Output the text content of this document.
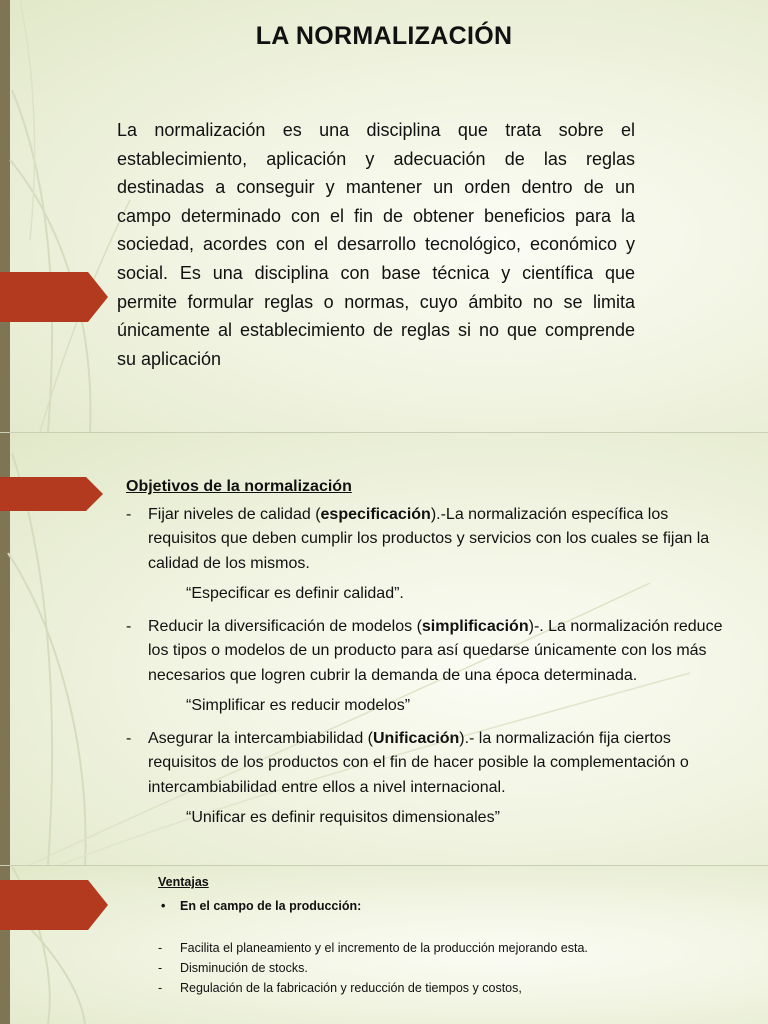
LA NORMALIZACIÓN

La normalización es una disciplina que trata sobre el establecimiento, aplicación y adecuación de las reglas destinadas a conseguir y mantener un orden dentro de un campo determinado con el fin de obtener beneficios para la sociedad, acordes con el desarrollo tecnológico, económico y social. Es una disciplina con base técnica y científica que permite formular reglas o normas, cuyo ámbito no se limita únicamente al establecimiento de reglas si no que comprende su aplicación

Objetivos de la normalización
- Fijar niveles de calidad (especificación).-La normalización específica los requisitos que deben cumplir los productos y servicios con los cuales se fijan la calidad de los mismos.
“Especificar es definir calidad”.
- Reducir la diversificación de modelos (simplificación)-. La normalización reduce los tipos o modelos de un producto para así quedarse únicamente con los más necesarios que logren cubrir la demanda de una época determinada.
“Simplificar es reducir modelos”
- Asegurar la intercambiabilidad (Unificación).- la normalización fija ciertos requisitos de los productos con el fin de hacer posible la complementación o intercambiabilidad entre ellos a nivel internacional.
“Unificar es definir requisitos dimensionales”
Ventajas
• En el campo de la producción:
- Facilita el planeamiento y el incremento de la producción mejorando esta.
- Disminución de stocks.
- Regulación de la fabricación y reducción de tiempos y costos,
